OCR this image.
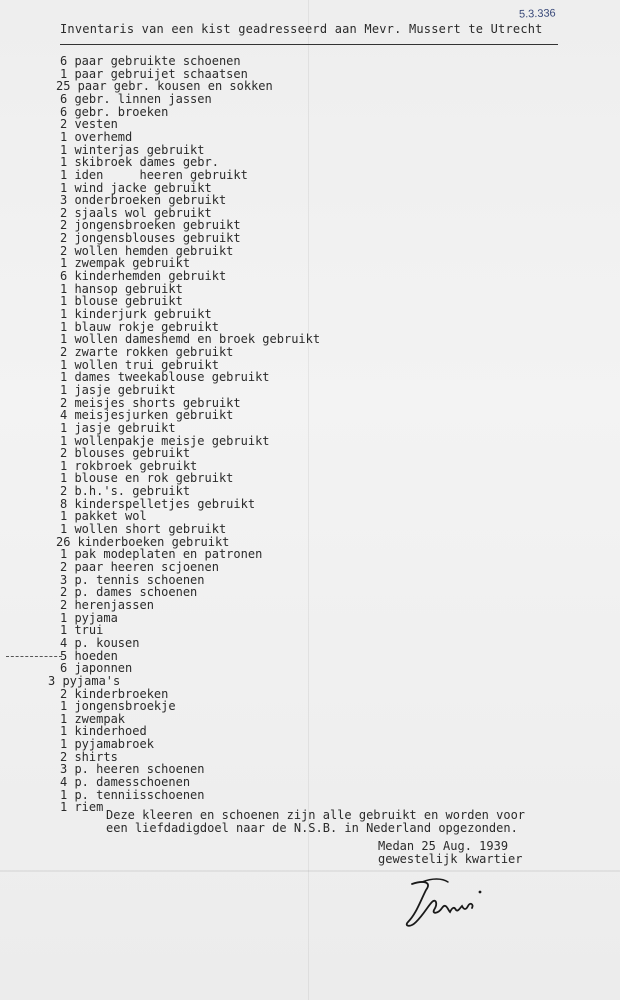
5.3.336
Inventaris van een kist geadresseerd aan Mevr. Mussert te Utrecht
6 paar gebruikte schoenen
1 paar gebruijet schaatsen
25 paar gebr. kousen en sokken
6 gebr. linnen jassen
6 gebr. broeken
2 vesten
1 overhemd
1 winterjas gebruikt
1 skibroek dames gebr.
1 iden     heeren gebruikt
1 wind jacke gebruikt
3 onderbroeken gebruikt
2 sjaals wol gebruikt
2 jongensbroeken gebruikt
2 jongensblouses gebruikt
2 wollen hemden gebruikt
1 zwempak gebruikt
6 kinderhemden gebruikt
1 hansop gebruikt
1 blouse gebruikt
1 kinderjurk gebruikt
1 blauw rokje gebruikt
1 wollen dameshemd en broek gebruikt
2 zwarte rokken gebruikt
1 wollen trui gebruikt
1 dames tweekablouse gebruikt
1 jasje gebruikt
2 meisjes shorts gebruikt
4 meisjesjurken gebruikt
1 jasje gebruikt
1 wollenpakje meisje gebruikt
2 blouses gebruikt
1 rokbroek gebruikt
1 blouse en rok gebruikt
2 b.h.'s. gebruikt
8 kinderspelletjes gebruikt
1 pakket wol
1 wollen short gebruikt
26 kinderboeken gebruikt
1 pak modeplaten en patronen
2 paar heeren scjoenen
3 p. tennis schoenen
2 p. dames schoenen
2 herenjassen
1 pyjama
1 trui
4 p. kousen
5 hoeden
6 japonnen
3 pyjama's
2 kinderbroeken
1 jongensbroekje
1 zwempak
1 kinderhoed
1 pyjamabroek
2 shirts
3 p. heeren schoenen
4 p. damesschoenen
1 p. tenniisschoenen
1 riem
Deze kleeren en schoenen zijn alle gebruikt en worden voor
een liefdadigdoel naar de N.S.B. in Nederland opgezonden.
Medan 25 Aug. 1939
gewestelijk kwartier
